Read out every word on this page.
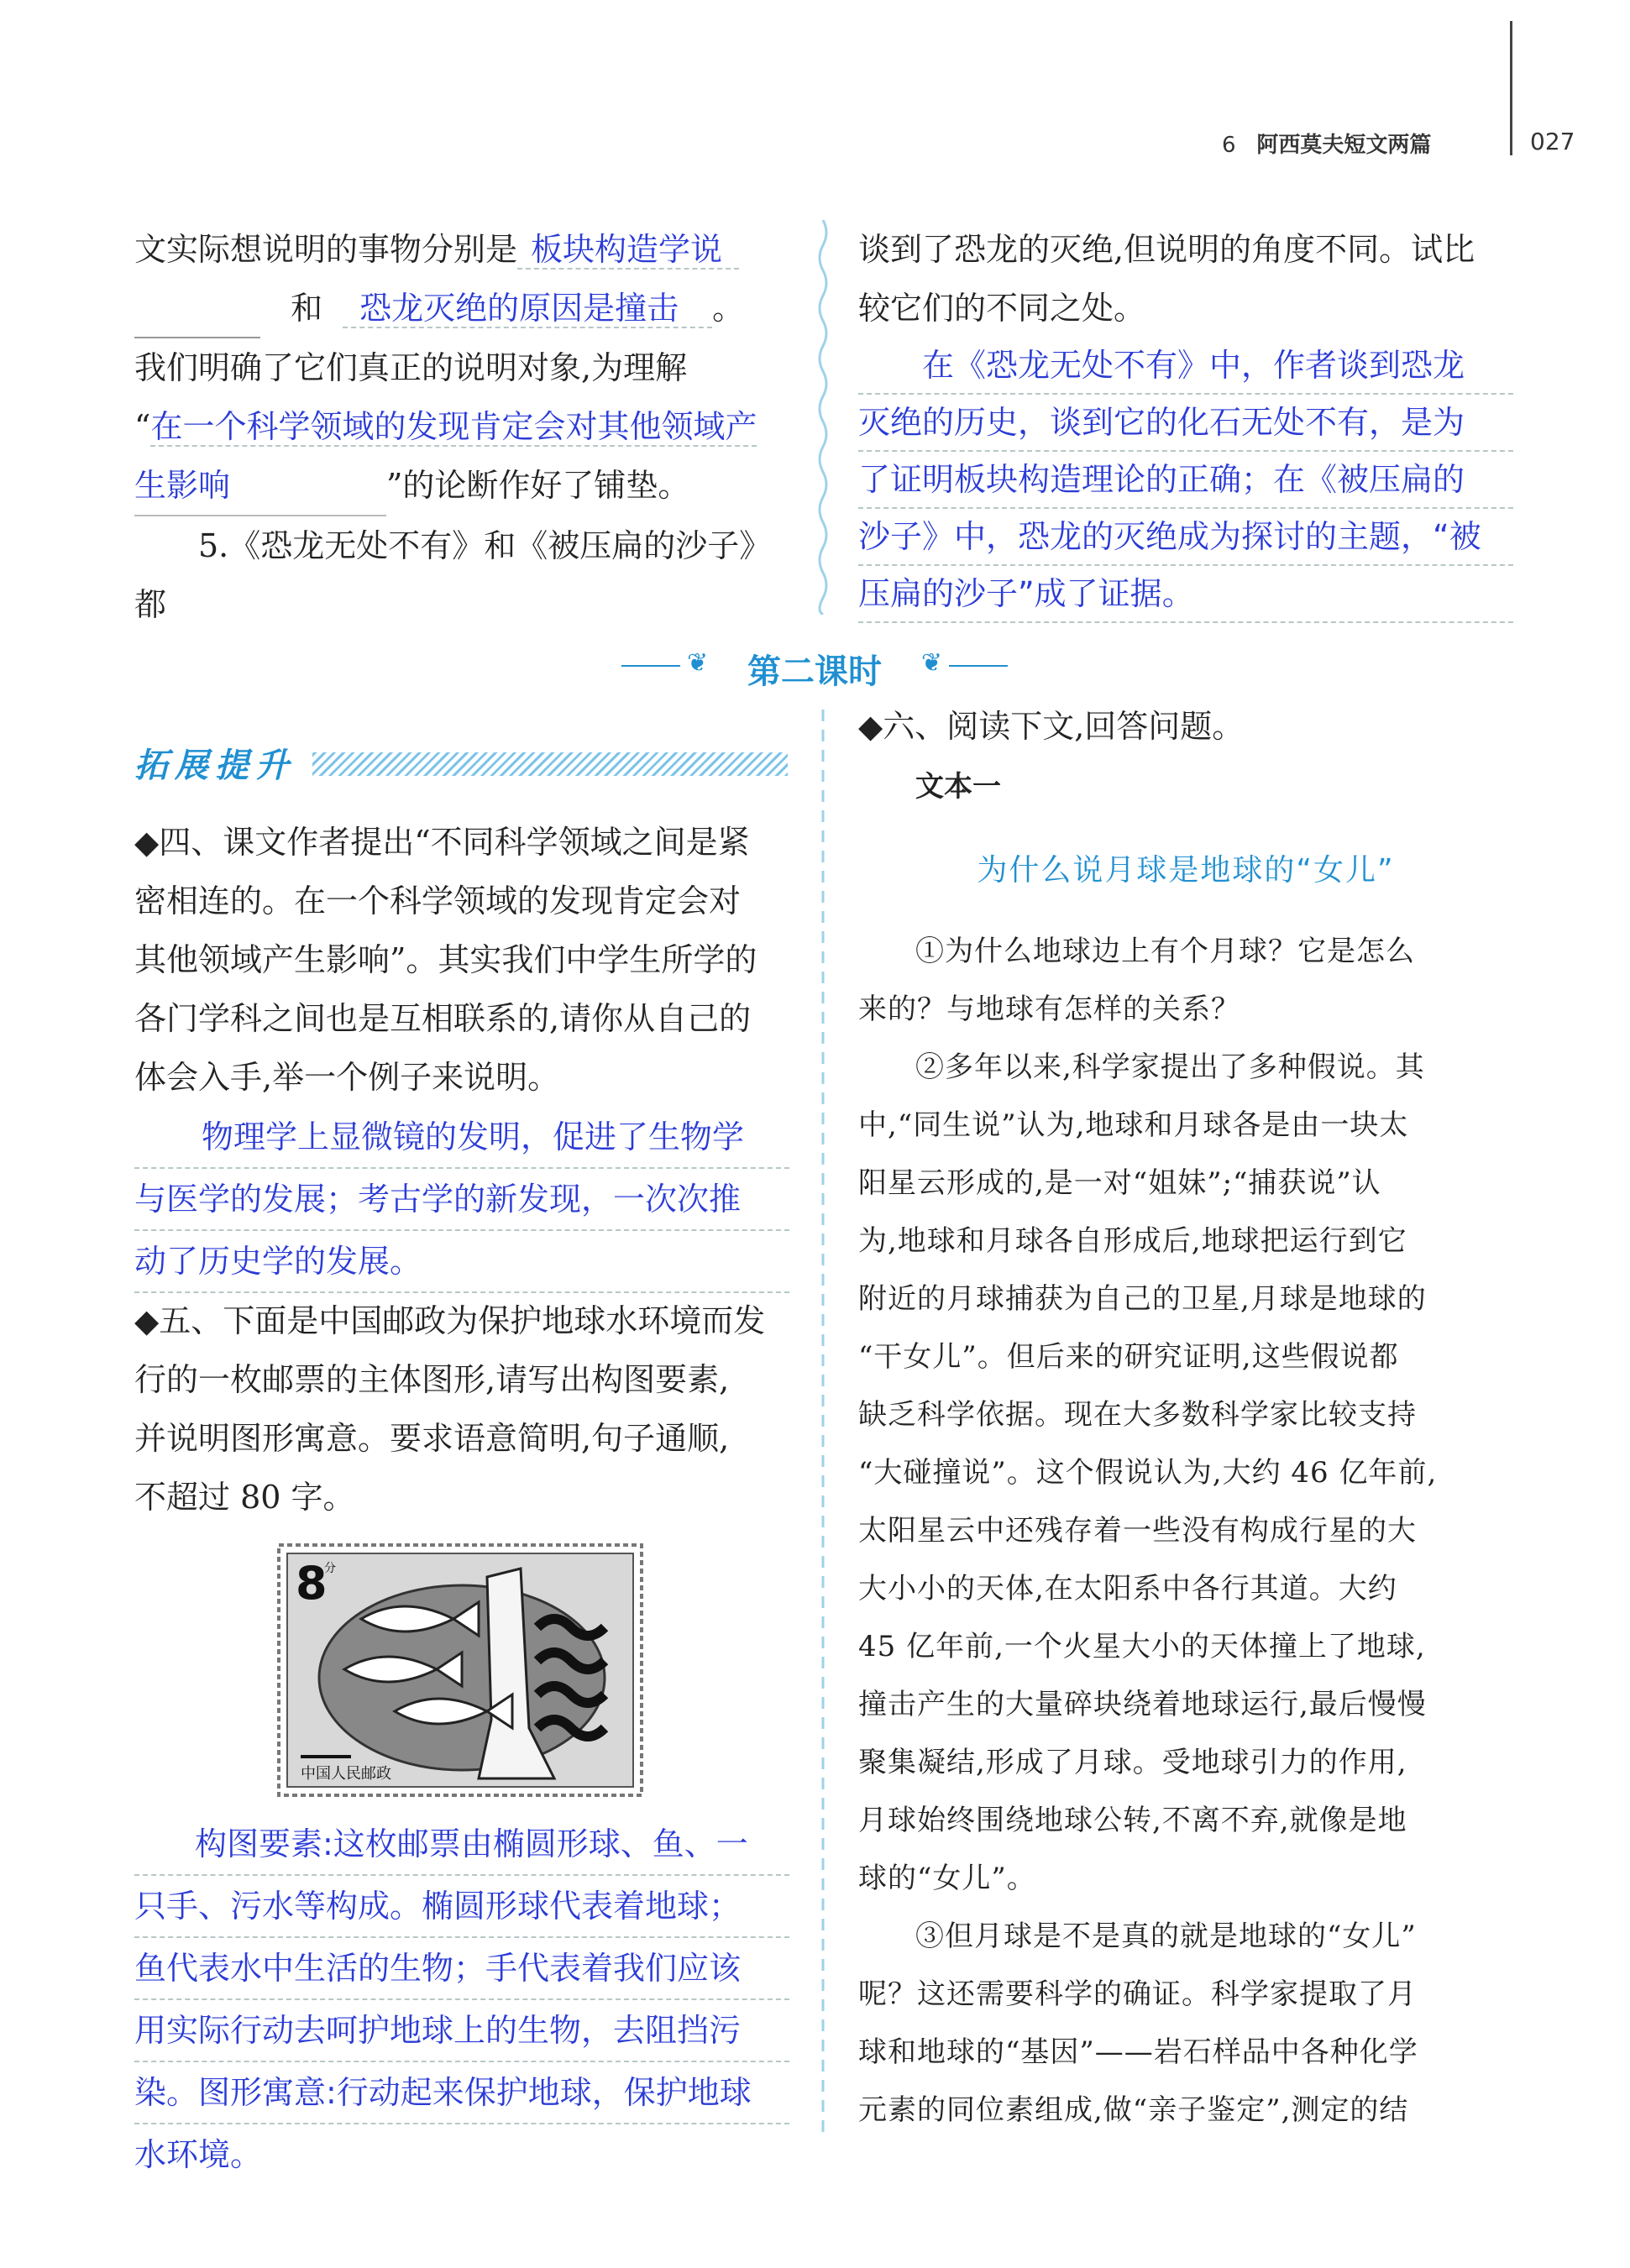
6 阿西莫夫短文两篇	027

文实际想说明的事物分别是 板块构造学说

和 恐龙灭绝的原因是撞击 。

我们明确了它们真正的说明对象,为理解

“在一个科学领域的发现肯定会对其他领域产

生影响	”的论断作好了铺垫。

5.《恐龙无处不有》和《被压扁的沙子》都

谈到了恐龙的灭绝,但说明的角度不同。试比

较它们的不同之处。

在《恐龙无处不有》中，作者谈到恐龙
灭绝的历史，谈到它的化石无处不有，是为
了证明板块构造理论的正确；在《被压扁的
沙子》中，恐龙的灭绝成为探讨的主题，“被
压扁的沙子”成了证据。
❦ 第二课时 ❦
拓展提升

◆四、课文作者提出“不同科学领域之间是紧

密相连的。在一个科学领域的发现肯定会对

其他领域产生影响”。其实我们中学生所学的

各门学科之间也是互相联系的,请你从自己的

体会入手,举一个例子来说明。

物理学上显微镜的发明，促进了生物学
与医学的发展；考古学的新发现，一次次推
动了历史学的发展。

◆五、下面是中国邮政为保护地球水环境而发

行的一枚邮票的主体图形,请写出构图要素,

并说明图形寓意。要求语意简明,句子通顺,

不超过 80 字。

8
分
中国人民邮政
构图要素:这枚邮票由椭圆形球、鱼、一
只手、污水等构成。椭圆形球代表着地球；
鱼代表水中生活的生物；手代表着我们应该
用实际行动去呵护地球上的生物，去阻挡污
染。图形寓意:行动起来保护地球，保护地球
水环境。

◆六、阅读下文,回答问题。

文本一

为什么说月球是地球的“女儿”

①为什么地球边上有个月球？它是怎么

来的？与地球有怎样的关系？

②多年以来,科学家提出了多种假说。其

中,“同生说”认为,地球和月球各是由一块太

阳星云形成的,是一对“姐妹”;“捕获说”认

为,地球和月球各自形成后,地球把运行到它

附近的月球捕获为自己的卫星,月球是地球的

“干女儿”。但后来的研究证明,这些假说都

缺乏科学依据。现在大多数科学家比较支持

“大碰撞说”。这个假说认为,大约 46 亿年前,

太阳星云中还残存着一些没有构成行星的大

大小小的天体,在太阳系中各行其道。大约

45 亿年前,一个火星大小的天体撞上了地球,

撞击产生的大量碎块绕着地球运行,最后慢慢

聚集凝结,形成了月球。受地球引力的作用,

月球始终围绕地球公转,不离不弃,就像是地

球的“女儿”。

③但月球是不是真的就是地球的“女儿”

呢？这还需要科学的确证。科学家提取了月

球和地球的“基因”——岩石样品中各种化学

元素的同位素组成,做“亲子鉴定”,测定的结
